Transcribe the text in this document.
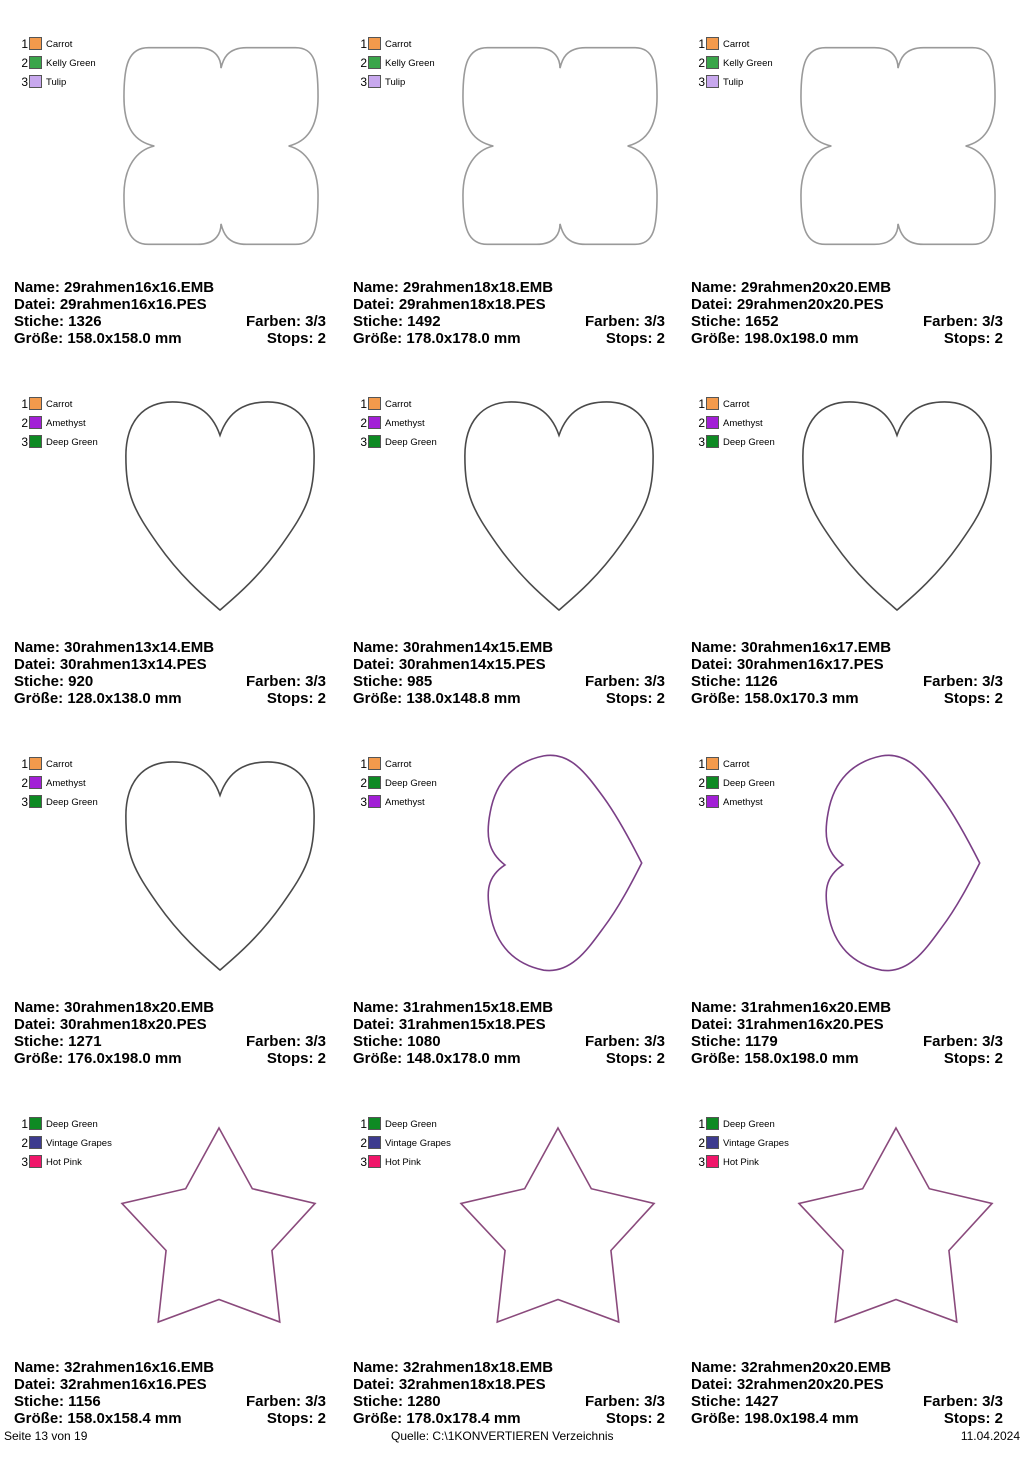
1 Carrot
2 Kelly Green
3 Tulip
Name: 29rahmen16x16.EMB
Datei: 29rahmen16x16.PES
Stiche: 1326	Farben: 3/3
Größe: 158.0x158.0 mm	Stops: 2
1 Carrot
2 Kelly Green
3 Tulip
Name: 29rahmen18x18.EMB
Datei: 29rahmen18x18.PES
Stiche: 1492	Farben: 3/3
Größe: 178.0x178.0 mm	Stops: 2
1 Carrot
2 Kelly Green
3 Tulip
Name: 29rahmen20x20.EMB
Datei: 29rahmen20x20.PES
Stiche: 1652	Farben: 3/3
Größe: 198.0x198.0 mm	Stops: 2
1 Carrot
2 Amethyst
3 Deep Green
Name: 30rahmen13x14.EMB
Datei: 30rahmen13x14.PES
Stiche: 920	Farben: 3/3
Größe: 128.0x138.0 mm	Stops: 2
1 Carrot
2 Amethyst
3 Deep Green
Name: 30rahmen14x15.EMB
Datei: 30rahmen14x15.PES
Stiche: 985	Farben: 3/3
Größe: 138.0x148.8 mm	Stops: 2
1 Carrot
2 Amethyst
3 Deep Green
Name: 30rahmen16x17.EMB
Datei: 30rahmen16x17.PES
Stiche: 1126	Farben: 3/3
Größe: 158.0x170.3 mm	Stops: 2
1 Carrot
2 Amethyst
3 Deep Green
Name: 30rahmen18x20.EMB
Datei: 30rahmen18x20.PES
Stiche: 1271	Farben: 3/3
Größe: 176.0x198.0 mm	Stops: 2
1 Carrot
2 Deep Green
3 Amethyst
Name: 31rahmen15x18.EMB
Datei: 31rahmen15x18.PES
Stiche: 1080	Farben: 3/3
Größe: 148.0x178.0 mm	Stops: 2
1 Carrot
2 Deep Green
3 Amethyst
Name: 31rahmen16x20.EMB
Datei: 31rahmen16x20.PES
Stiche: 1179	Farben: 3/3
Größe: 158.0x198.0 mm	Stops: 2
1 Deep Green
2 Vintage Grapes
3 Hot Pink
Name: 32rahmen16x16.EMB
Datei: 32rahmen16x16.PES
Stiche: 1156	Farben: 3/3
Größe: 158.0x158.4 mm	Stops: 2
1 Deep Green
2 Vintage Grapes
3 Hot Pink
Name: 32rahmen18x18.EMB
Datei: 32rahmen18x18.PES
Stiche: 1280	Farben: 3/3
Größe: 178.0x178.4 mm	Stops: 2
1 Deep Green
2 Vintage Grapes
3 Hot Pink
Name: 32rahmen20x20.EMB
Datei: 32rahmen20x20.PES
Stiche: 1427	Farben: 3/3
Größe: 198.0x198.4 mm	Stops: 2
Seite 13 von 19	Quelle: C:\1KONVERTIEREN Verzeichnis	11.04.2024
